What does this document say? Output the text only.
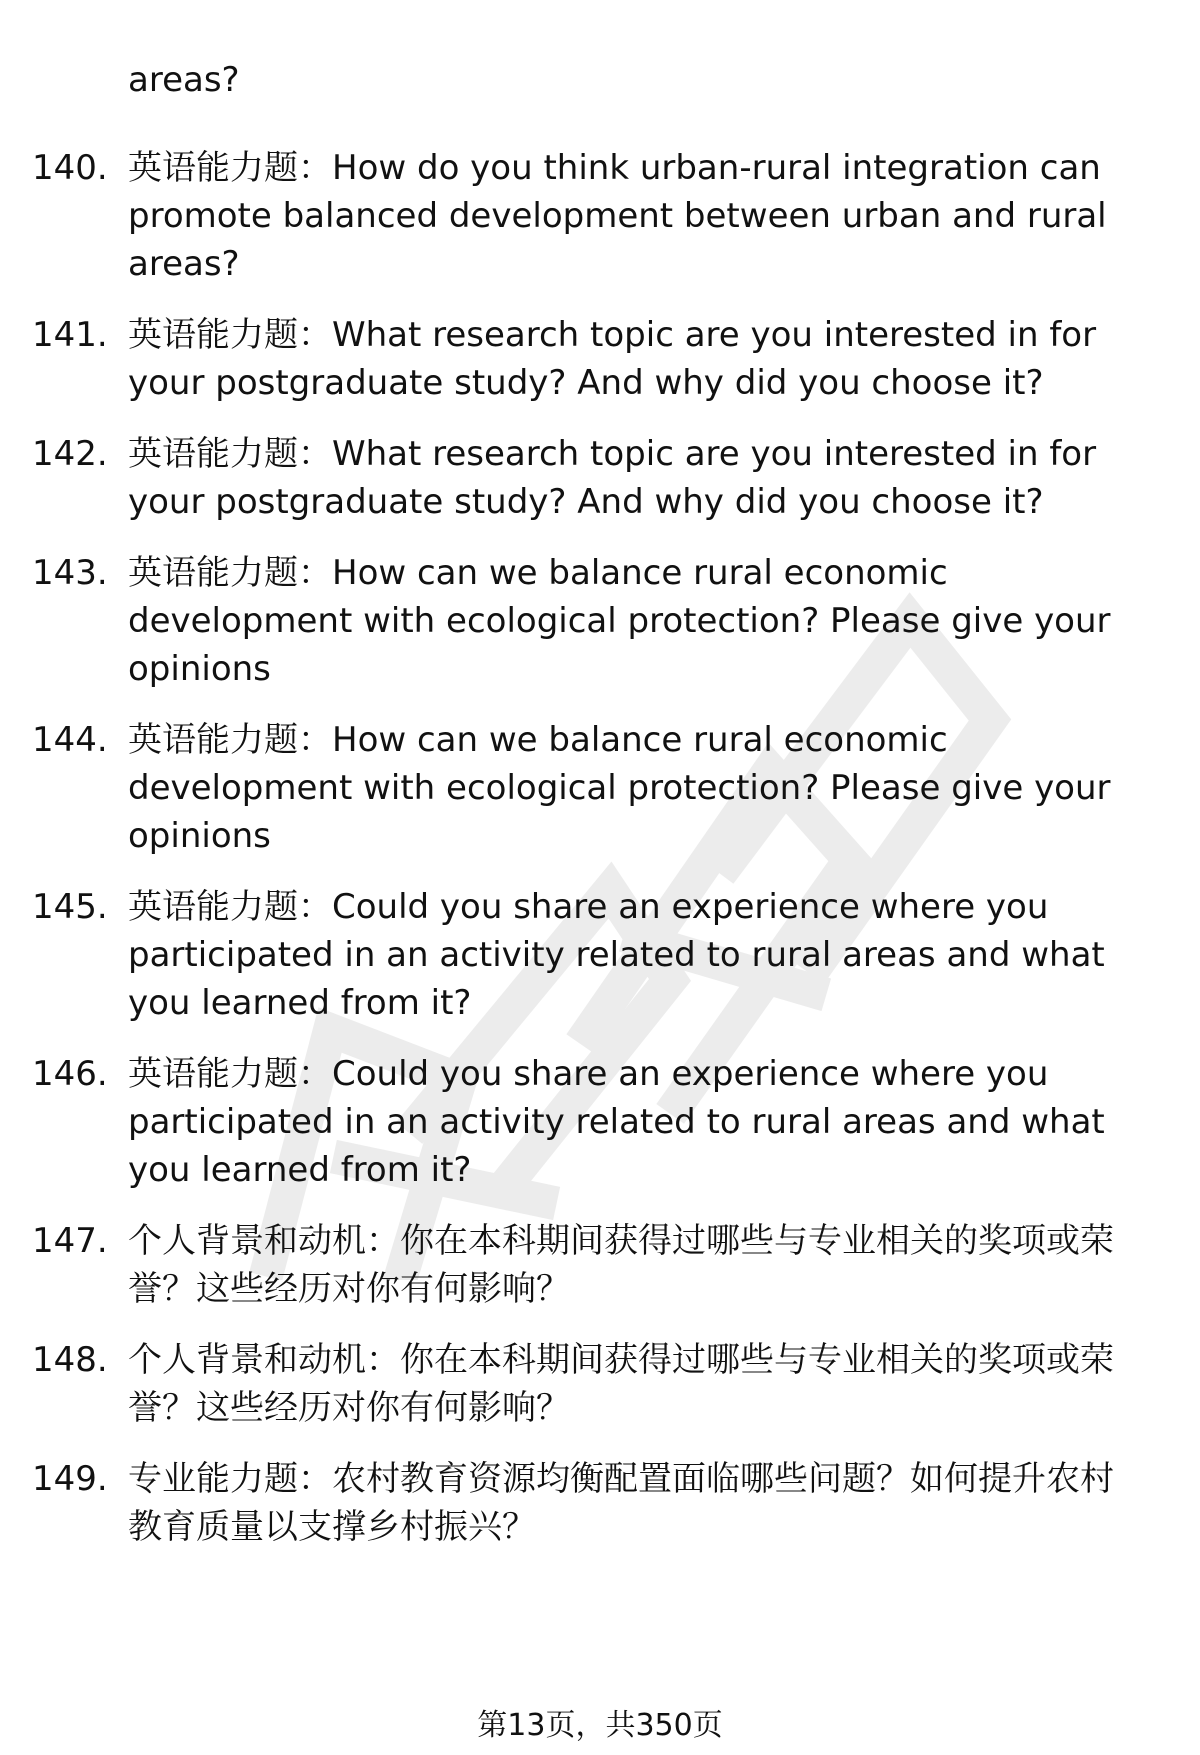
areas?

140. 英语能力题：How do you think urban-rural integration can promote balanced development between urban and rural areas?
141. 英语能力题：What research topic are you interested in for your postgraduate study? And why did you choose it?
142. 英语能力题：What research topic are you interested in for your postgraduate study? And why did you choose it?
143. 英语能力题：How can we balance rural economic development with ecological protection? Please give your opinions
144. 英语能力题：How can we balance rural economic development with ecological protection? Please give your opinions
145. 英语能力题：Could you share an experience where you participated in an activity related to rural areas and what you learned from it?
146. 英语能力题：Could you share an experience where you participated in an activity related to rural areas and what you learned from it?
147. 个人背景和动机：你在本科期间获得过哪些与专业相关的奖项或荣誉？这些经历对你有何影响？
148. 个人背景和动机：你在本科期间获得过哪些与专业相关的奖项或荣誉？这些经历对你有何影响？
149. 专业能力题：农村教育资源均衡配置面临哪些问题？如何提升农村教育质量以支撑乡村振兴？
第13页，共350页
